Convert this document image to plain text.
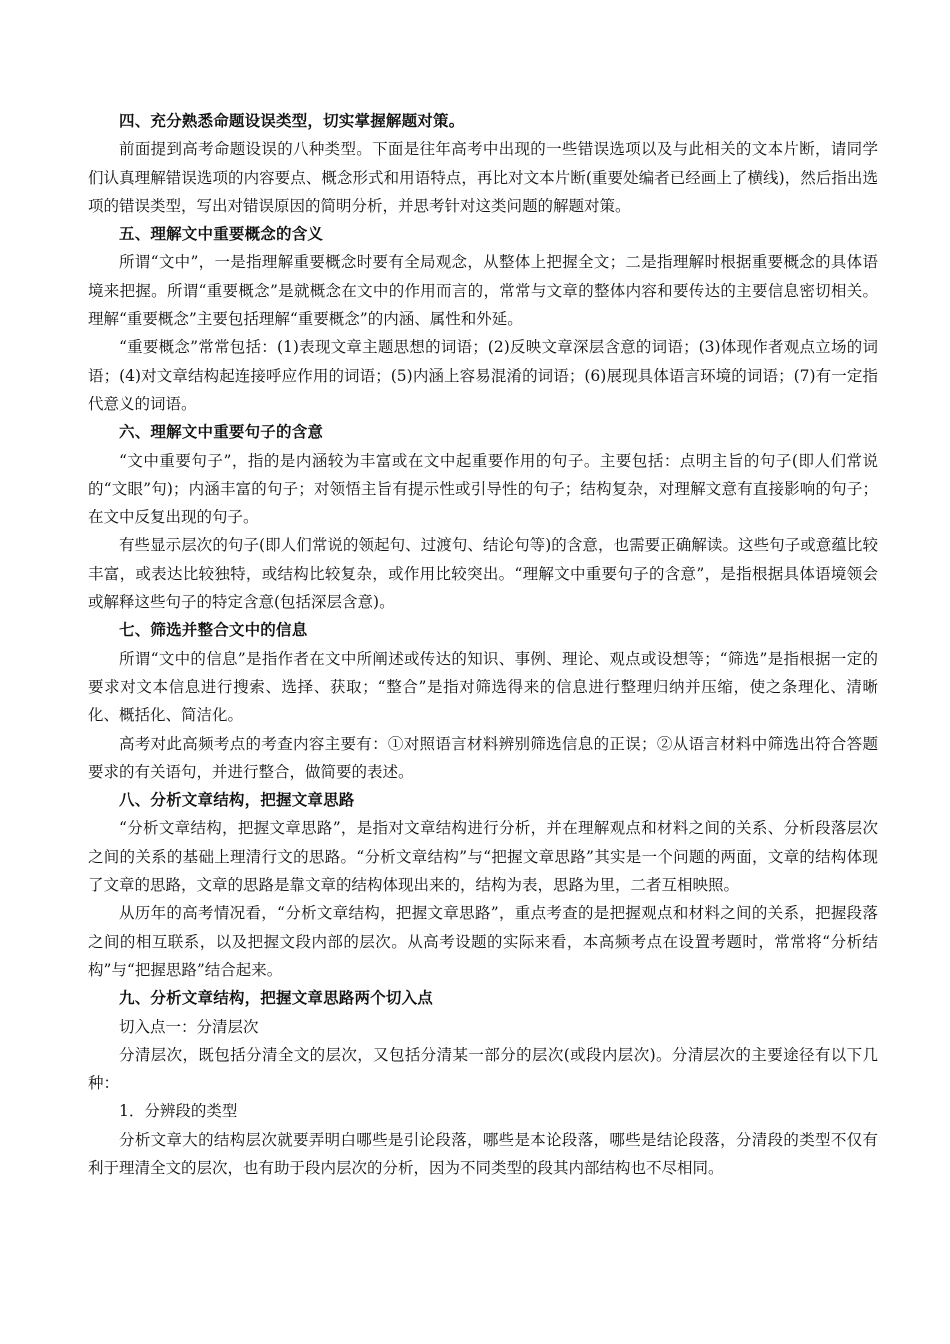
四、充分熟悉命题设误类型，切实掌握解题对策。

前面提到高考命题设误的八种类型。下面是往年高考中出现的一些错误选项以及与此相关的文本片断，请同学们认真理解错误选项的内容要点、概念形式和用语特点，再比对文本片断(重要处编者已经画上了横线)，然后指出选项的错误类型，写出对错误原因的简明分析，并思考针对这类问题的解题对策。

五、理解文中重要概念的含义

所谓“文中”，一是指理解重要概念时要有全局观念，从整体上把握全文；二是指理解时根据重要概念的具体语境来把握。所谓“重要概念”是就概念在文中的作用而言的，常常与文章的整体内容和要传达的主要信息密切相关。理解“重要概念”主要包括理解“重要概念”的内涵、属性和外延。

“重要概念”常常包括：(1)表现文章主题思想的词语；(2)反映文章深层含意的词语；(3)体现作者观点立场的词语；(4)对文章结构起连接呼应作用的词语；(5)内涵上容易混淆的词语；(6)展现具体语言环境的词语；(7)有一定指代意义的词语。

六、理解文中重要句子的含意

“文中重要句子”，指的是内涵较为丰富或在文中起重要作用的句子。主要包括：点明主旨的句子(即人们常说的“文眼”句)；内涵丰富的句子；对领悟主旨有提示性或引导性的句子；结构复杂，对理解文意有直接影响的句子；在文中反复出现的句子。

有些显示层次的句子(即人们常说的领起句、过渡句、结论句等)的含意，也需要正确解读。这些句子或意蕴比较丰富，或表达比较独特，或结构比较复杂，或作用比较突出。“理解文中重要句子的含意”，是指根据具体语境领会或解释这些句子的特定含意(包括深层含意)。

七、筛选并整合文中的信息

所谓“文中的信息”是指作者在文中所阐述或传达的知识、事例、理论、观点或设想等；“筛选”是指根据一定的要求对文本信息进行搜索、选择、获取；“整合”是指对筛选得来的信息进行整理归纳并压缩，使之条理化、清晰化、概括化、简洁化。

高考对此高频考点的考查内容主要有：①对照语言材料辨别筛选信息的正误；②从语言材料中筛选出符合答题要求的有关语句，并进行整合，做简要的表述。

八、分析文章结构，把握文章思路

“分析文章结构，把握文章思路”，是指对文章结构进行分析，并在理解观点和材料之间的关系、分析段落层次之间的关系的基础上理清行文的思路。“分析文章结构”与“把握文章思路”其实是一个问题的两面，文章的结构体现了文章的思路，文章的思路是靠文章的结构体现出来的，结构为表，思路为里，二者互相映照。

从历年的高考情况看，“分析文章结构，把握文章思路”，重点考查的是把握观点和材料之间的关系，把握段落之间的相互联系，以及把握文段内部的层次。从高考设题的实际来看，本高频考点在设置考题时，常常将“分析结构”与“把握思路”结合起来。

九、分析文章结构，把握文章思路两个切入点

切入点一：分清层次

分清层次，既包括分清全文的层次，又包括分清某一部分的层次(或段内层次)。分清层次的主要途径有以下几种：

1．分辨段的类型

分析文章大的结构层次就要弄明白哪些是引论段落，哪些是本论段落，哪些是结论段落，分清段的类型不仅有利于理清全文的层次，也有助于段内层次的分析，因为不同类型的段其内部结构也不尽相同。
